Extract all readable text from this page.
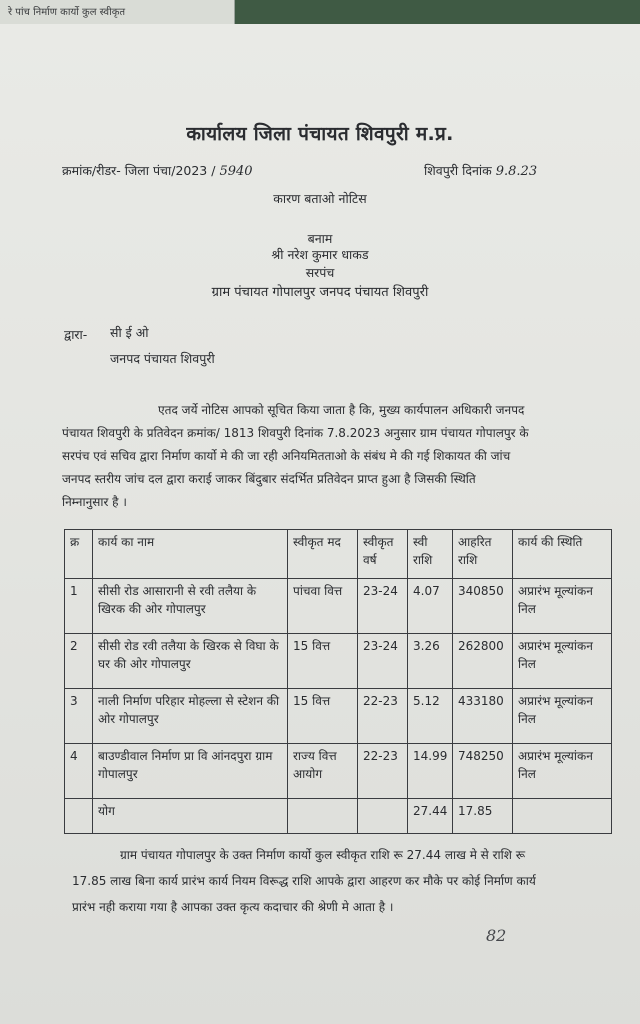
रे पांच निर्माण कार्यो कुल स्वीकृत
कार्यालय जिला पंचायत शिवपुरी म.प्र.
क्रमांक/रीडर- जिला पंचा/2023 / 5940	शिवपुरी दिनांक 9.8.23
कारण बताओ नोटिस
बनाम
श्री नरेश कुमार धाकड
सरपंच
ग्राम पंचायत गोपालपुर जनपद पंचायत शिवपुरी
द्वारा- सी ई ओ
जनपद पंचायत शिवपुरी
एतद जर्ये नोटिस आपको सूचित किया जाता है कि, मुख्य कार्यपालन अधिकारी जनपद
पंचायत शिवपुरी के प्रतिवेदन क्रमांक/ 1813 शिवपुरी दिनांक 7.8.2023 अनुसार ग्राम पंचायत गोपालपुर के
सरपंच एवं सचिव द्वारा निर्माण कार्यो मे की जा रही अनियमितताओ के संबंध मे की गई शिकायत की जांच
जनपद स्तरीय जांच दल द्वारा कराई जाकर बिंदुबार संदर्भित प्रतिवेदन प्राप्त हुआ है जिसकी स्थिति
निम्नानुसार है ।
क्र	कार्य का नाम	स्वीकृत मद	स्वीकृत वर्ष	स्वी राशि	आहरित राशि	कार्य की स्थिति
1	सीसी रोड आसारानी से रवी तलैया के खिरक की ओर गोपालपुर	पांचवा वित्त	23-24	4.07	340850	अप्रारंभ मूल्यांकन निल
2	सीसी रोड रवी तलैया के खिरक से विघा के घर की ओर गोपालपुर	15 वित्त	23-24	3.26	262800	अप्रारंभ मूल्यांकन निल
3	नाली निर्माण परिहार मोहल्ला से स्टेशन की ओर गोपालपुर	15 वित्त	22-23	5.12	433180	अप्रारंभ मूल्यांकन निल
4	बाउण्डीवाल निर्माण प्रा वि आंनदपुरा ग्राम गोपालपुर	राज्य वित्त आयोग	22-23	14.99	748250	अप्रारंभ मूल्यांकन निल
	योग			27.44	17.85	
ग्राम पंचायत गोपालपुर के उक्त निर्माण कार्यो कुल स्वीकृत राशि रू 27.44 लाख मे से राशि रू
17.85 लाख बिना कार्य प्रारंभ कार्य नियम विरूद्ध राशि आपके द्वारा आहरण कर मौके पर कोई निर्माण कार्य
प्रारंभ नही कराया गया है आपका उक्त कृत्य कदाचार की श्रेणी मे आता है ।
82
